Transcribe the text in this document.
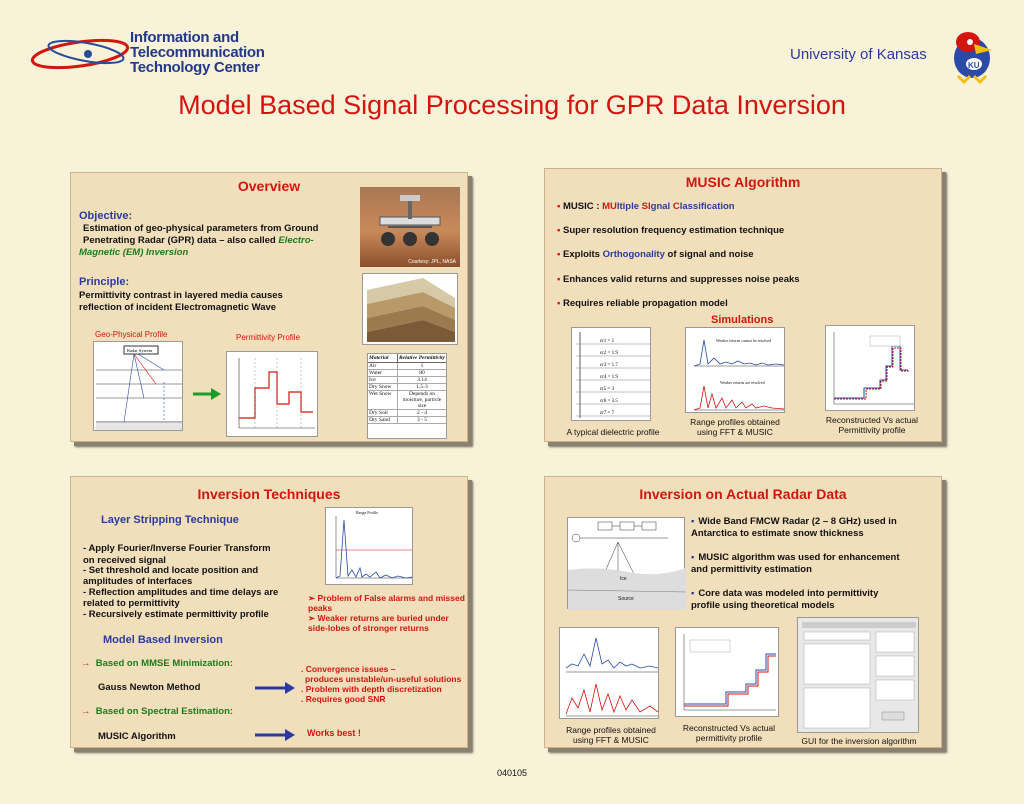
Information and
Telecommunication
Technology Center
University of Kansas
KU
Model Based Signal Processing for GPR Data Inversion
Overview
Objective:
Estimation of geo-physical parameters from Ground
Penetrating Radar (GPR) data – also called Electro-
Magnetic (EM) Inversion
Principle:
Permittivity contrast in layered media causes
reflection of incident Electromagnetic Wave
Courtesy: JPL, NASA
Geo-Physical Profile	Permittivity Profile
Radar System
Material	Relative Permittivity
Air	1
Water	80
Ice	3.14
Dry Snow	1.5-3
Wet Snow	Depends on moisture, particle size
Dry Soil	2 - 4
Dry Sand	3 - 5
MUSIC Algorithm
▪ MUSIC : MUltiple SIgnal Classification
▪ Super resolution frequency estimation technique
▪ Exploits Orthogonality of signal and noise
▪ Enhances valid returns and suppresses noise peaks
▪ Requires reliable propagation model
Simulations
εr1 = 1
εr2 = 1.9
εr3 = 1.7
εr4 = 1.9
εr5 = 3
εr6 = 3.5
εr7 = 7
A typical dielectric profile
Weaker returns cannot be resolved
Weaker returns are resolved
Range profiles obtained
using FFT & MUSIC
Reconstructed Vs actual
Permittivity profile
Inversion Techniques
Layer Stripping Technique
- Apply Fourier/Inverse Fourier Transform
on received signal
- Set threshold and locate position and
amplitudes of interfaces
- Reflection amplitudes and time delays are
related to permittivity
- Recursively estimate permittivity profile
Range Profile
➢ Problem of False alarms and missed
peaks
➢ Weaker returns are buried under
side-lobes of stronger returns
Model Based Inversion
→ Based on MMSE Minimization:
Gauss Newton Method
→ Based on Spectral Estimation:
MUSIC Algorithm
. Convergence issues –
produces unstable/un-useful solutions
. Problem with depth discretization
. Requires good SNR
Works best !
Inversion on Actual Radar Data
Ice
Source
▪ Wide Band FMCW Radar (2 – 8 GHz) used in
Antarctica to estimate snow thickness
▪ MUSIC algorithm was used for enhancement
and permittivity estimation
▪ Core data was modeled into permittivity
profile using theoretical models
Range profiles obtained
using FFT & MUSIC
Reconstructed Vs actual
permittivity profile	GUI for the inversion algorithm
040105
